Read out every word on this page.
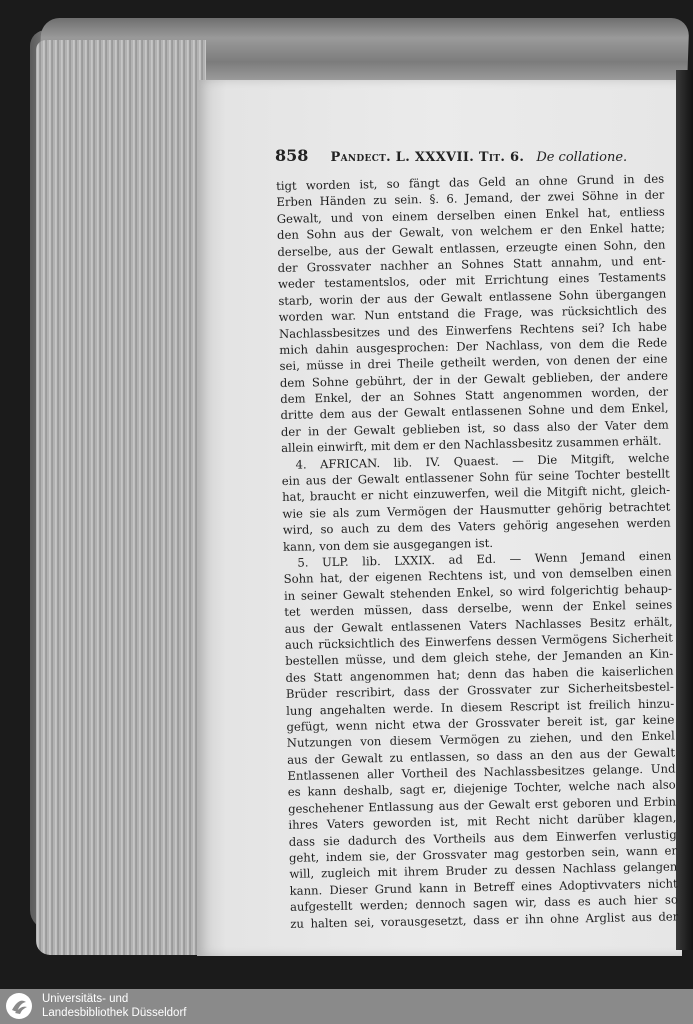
858 Pandect. L. XXXVII. Tit. 6. De collatione.
tigt worden ist, so fängt das Geld an ohne Grund in des
Erben Händen zu sein. §. 6. Jemand, der zwei Söhne in der
Gewalt, und von einem derselben einen Enkel hat, entliess
den Sohn aus der Gewalt, von welchem er den Enkel hatte;
derselbe, aus der Gewalt entlassen, erzeugte einen Sohn, den
der Grossvater nachher an Sohnes Statt annahm, und ent-
weder testamentslos, oder mit Errichtung eines Testaments
starb, worin der aus der Gewalt entlassene Sohn übergangen
worden war. Nun entstand die Frage, was rücksichtlich des
Nachlassbesitzes und des Einwerfens Rechtens sei? Ich habe
mich dahin ausgesprochen: Der Nachlass, von dem die Rede
sei, müsse in drei Theile getheilt werden, von denen der eine
dem Sohne gebührt, der in der Gewalt geblieben, der andere
dem Enkel, der an Sohnes Statt angenommen worden, der
dritte dem aus der Gewalt entlassenen Sohne und dem Enkel,
der in der Gewalt geblieben ist, so dass also der Vater dem
allein einwirft, mit dem er den Nachlassbesitz zusammen erhält.
4. AFRICAN. lib. IV. Quaest. — Die Mitgift, welche
ein aus der Gewalt entlassener Sohn für seine Tochter bestellt
hat, braucht er nicht einzuwerfen, weil die Mitgift nicht, gleich-
wie sie als zum Vermögen der Hausmutter gehörig betrachtet
wird, so auch zu dem des Vaters gehörig angesehen werden
kann, von dem sie ausgegangen ist.
5. ULP. lib. LXXIX. ad Ed. — Wenn Jemand einen
Sohn hat, der eigenen Rechtens ist, und von demselben einen
in seiner Gewalt stehenden Enkel, so wird folgerichtig behaup-
tet werden müssen, dass derselbe, wenn der Enkel seines
aus der Gewalt entlassenen Vaters Nachlasses Besitz erhält,
auch rücksichtlich des Einwerfens dessen Vermögens Sicherheit
bestellen müsse, und dem gleich stehe, der Jemanden an Kin-
des Statt angenommen hat; denn das haben die kaiserlichen
Brüder rescribirt, dass der Grossvater zur Sicherheitsbestel-
lung angehalten werde. In diesem Rescript ist freilich hinzu-
gefügt, wenn nicht etwa der Grossvater bereit ist, gar keine
Nutzungen von diesem Vermögen zu ziehen, und den Enkel
aus der Gewalt zu entlassen, so dass an den aus der Gewalt
Entlassenen aller Vortheil des Nachlassbesitzes gelange. Und
es kann deshalb, sagt er, diejenige Tochter, welche nach also
geschehener Entlassung aus der Gewalt erst geboren und Erbin
ihres Vaters geworden ist, mit Recht nicht darüber klagen,
dass sie dadurch des Vortheils aus dem Einwerfen verlustig
geht, indem sie, der Grossvater mag gestorben sein, wann er
will, zugleich mit ihrem Bruder zu dessen Nachlass gelangen
kann. Dieser Grund kann in Betreff eines Adoptivvaters nicht
aufgestellt werden; dennoch sagen wir, dass es auch hier so
zu halten sei, vorausgesetzt, dass er ihn ohne Arglist aus der
Universitäts- und
Landesbibliothek Düsseldorf
